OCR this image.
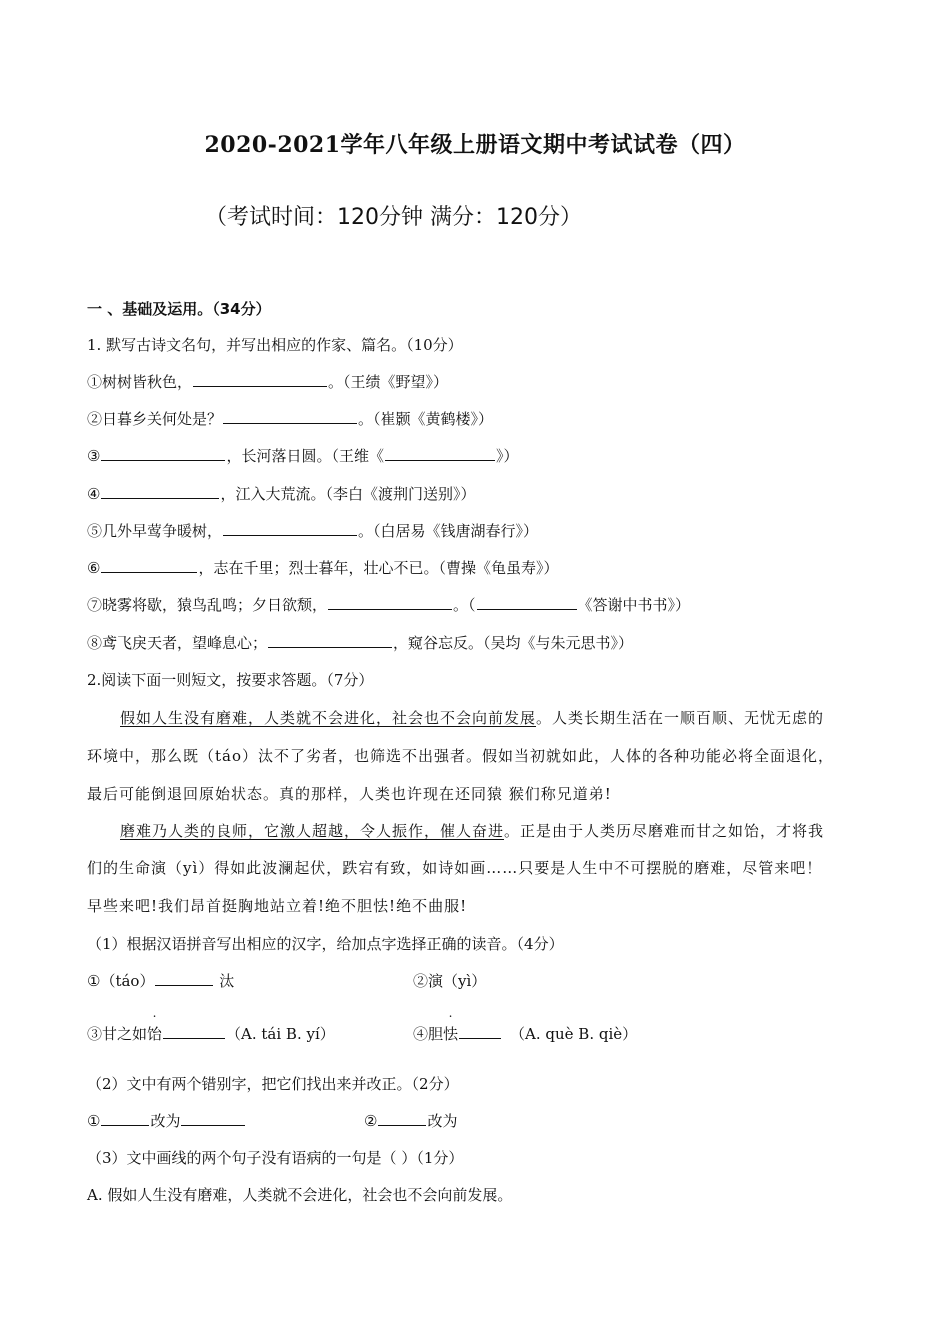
2020-2021学年八年级上册语文期中考试试卷（四）
（考试时间：120分钟 满分：120分）
一 、基础及运用。（34分）
1. 默写古诗文名句，并写出相应的作家、篇名。（10分）
①树树皆秋色，	。（王绩《野望》）
②日暮乡关何处是？	。（崔颢《黄鹤楼》）
③	，长河落日圆。（王维《	》）
④	，江入大荒流。（李白《渡荆门送别》）
⑤几外早莺争暖树，	。（白居易《钱唐湖春行》）
⑥	，志在千里；烈士暮年，壮心不已。（曹操《龟虽寿》）
⑦晓雾将歇，猿鸟乱鸣；夕日欲颓，	。（	《答谢中书书》）
⑧鸢飞戾天者，望峰息心；	，窥谷忘反。（吴均《与朱元思书》）
2.阅读下面一则短文，按要求答题。（7分）
假如人生没有磨难，人类就不会进化，社会也不会向前发展。人类长期生活在一顺百顺、无忧无虑的
环境中，那么既（táo）汰不了劣者，也筛选不出强者。假如当初就如此，人体的各种功能必将全面退化，
最后可能倒退回原始状态。真的那样，人类也许现在还同猿 猴们称兄道弟!
磨难乃人类的良师，它激人超越，令人振作，催人奋进。正是由于人类历尽磨难而甘之如饴，才将我
们的生命演（yì）得如此波澜起伏，跌宕有致，如诗如画……只要是人生中不可摆脱的磨难，尽管来吧！
早些来吧!我们昂首挺胸地站立着!绝不胆怯!绝不曲服!
（1）根据汉语拼音写出相应的汉字，给加点字选择正确的读音。（4分）
①（táo）	汰	②演（yì）
③甘之如
.
饴	（A. tái B. yí）	④胆
.
怯	（A. què B. qiè）
（2）文中有两个错别字，把它们找出来并改正。（2分）
①	改为	②	改为
（3）文中画线的两个句子没有语病的一句是（ ）（1分）
A. 假如人生没有磨难，人类就不会进化，社会也不会向前发展。
